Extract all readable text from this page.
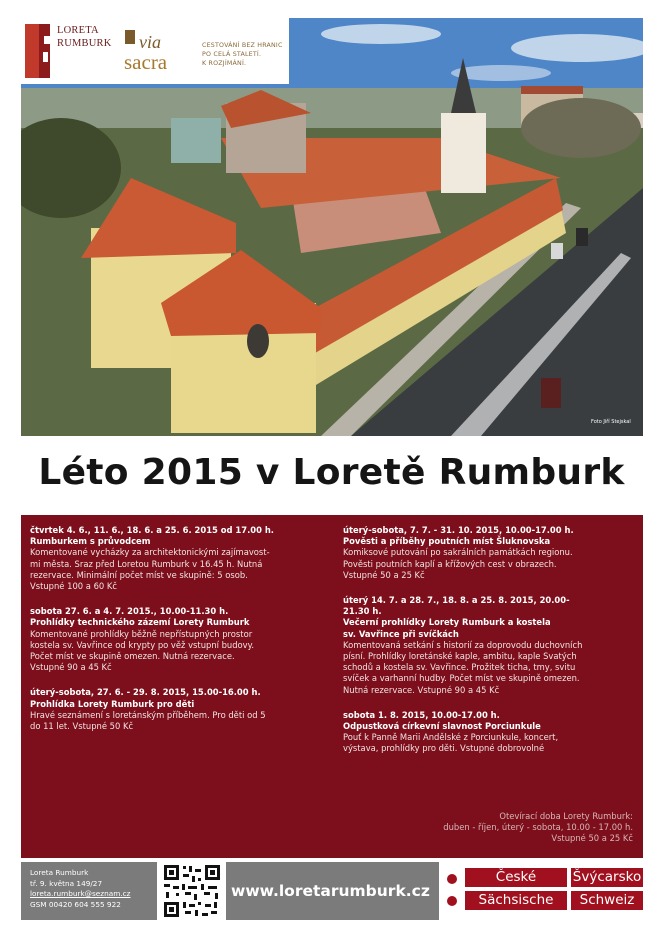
LORETA
RUMBURK via
sacra
CESTOVÁNÍ BEZ HRANIC
PO CELÁ STALETÍ.
K ROZJÍMÁNÍ.
Foto Jiří Stejskal
Léto 2015 v Loretě Rumburk
čtvrtek 4. 6., 11. 6., 18. 6. a 25. 6. 2015 od 17.00 h.
Rumburkem s průvodcem
Komentované vycházky za architektonickými zajímavost-
mi města. Sraz před Loretou Rumburk v 16.45 h. Nutná
rezervace. Minimální počet míst ve skupině: 5 osob.
Vstupné 100 a 60 Kč
sobota 27. 6. a 4. 7. 2015., 10.00-11.30 h.
Prohlídky technického zázemí Lorety Rumburk
Komentované prohlídky běžně nepřístupných prostor
kostela sv. Vavřince od krypty po věž vstupní budovy.
Počet míst ve skupině omezen. Nutná rezervace.
Vstupné 90 a 45 Kč
úterý-sobota, 27. 6. - 29. 8. 2015, 15.00-16.00 h.
Prohlídka Lorety Rumburk pro děti
Hravé seznámení s loretánským příběhem. Pro děti od 5
do 11 let. Vstupné 50 Kč
úterý-sobota, 7. 7. - 31. 10. 2015, 10.00-17.00 h.
Pověsti a příběhy poutních míst Šluknovska
Komiksové putování po sakrálních památkách regionu.
Pověsti poutních kaplí a křížových cest v obrazech.
Vstupné 50 a 25 Kč
úterý 14. 7. a 28. 7., 18. 8. a 25. 8. 2015, 20.00-
21.30 h.
Večerní prohlídky Lorety Rumburk a kostela
sv. Vavřince při svíčkách
Komentovaná setkání s historií za doprovodu duchovních
písní. Prohlídky loretánské kaple, ambitu, kaple Svatých
schodů a kostela sv. Vavřince. Prožitek ticha, tmy, svitu
svíček a varhanní hudby. Počet míst ve skupině omezen.
Nutná rezervace. Vstupné 90 a 45 Kč
sobota 1. 8. 2015, 10.00-17.00 h.
Odpustková církevní slavnost Porciunkule
Pouť k Panně Marii Andělské z Porciunkule, koncert,
výstava, prohlídky pro děti. Vstupné dobrovolné
Otevírací doba Lorety Rumburk:
duben - říjen, úterý - sobota, 10.00 - 17.00 h.
Vstupné 50 a 25 Kč
Loreta Rumburk
tř. 9. května 149/27
loreta.rumburk@seznam.cz
GSM 00420 604 555 922
www.loretarumburk.cz
České	Švýcarsko
Sächsische	Schweiz
